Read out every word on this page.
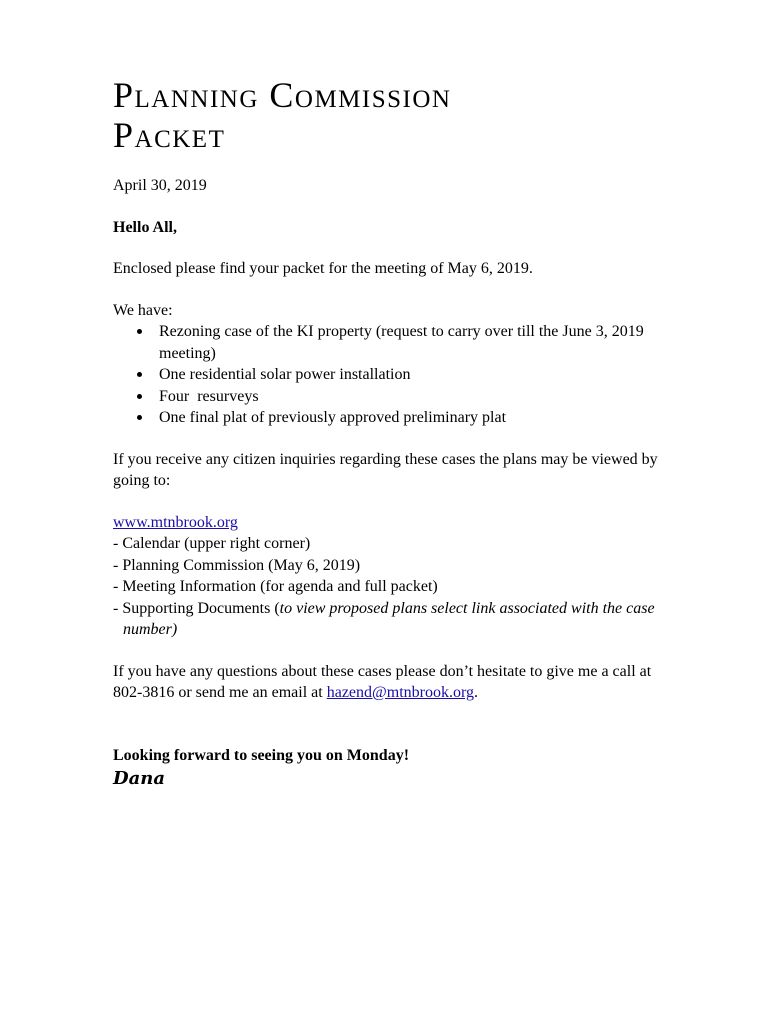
Planning Commission
Packet
April 30, 2019
Hello All,
Enclosed please find your packet for the meeting of May 6, 2019.
We have:
Rezoning case of the KI property (request to carry over till the June 3, 2019 meeting)
One residential solar power installation
Four  resurveys
One final plat of previously approved preliminary plat
If you receive any citizen inquiries regarding these cases the plans may be viewed by going to:
www.mtnbrook.org
- Calendar (upper right corner)
- Planning Commission (May 6, 2019)
- Meeting Information (for agenda and full packet)
- Supporting Documents (to view proposed plans select link associated with the case number)
If you have any questions about these cases please don’t hesitate to give me a call at 802-3816 or send me an email at hazend@mtnbrook.org.
Looking forward to seeing you on Monday!
Dana
